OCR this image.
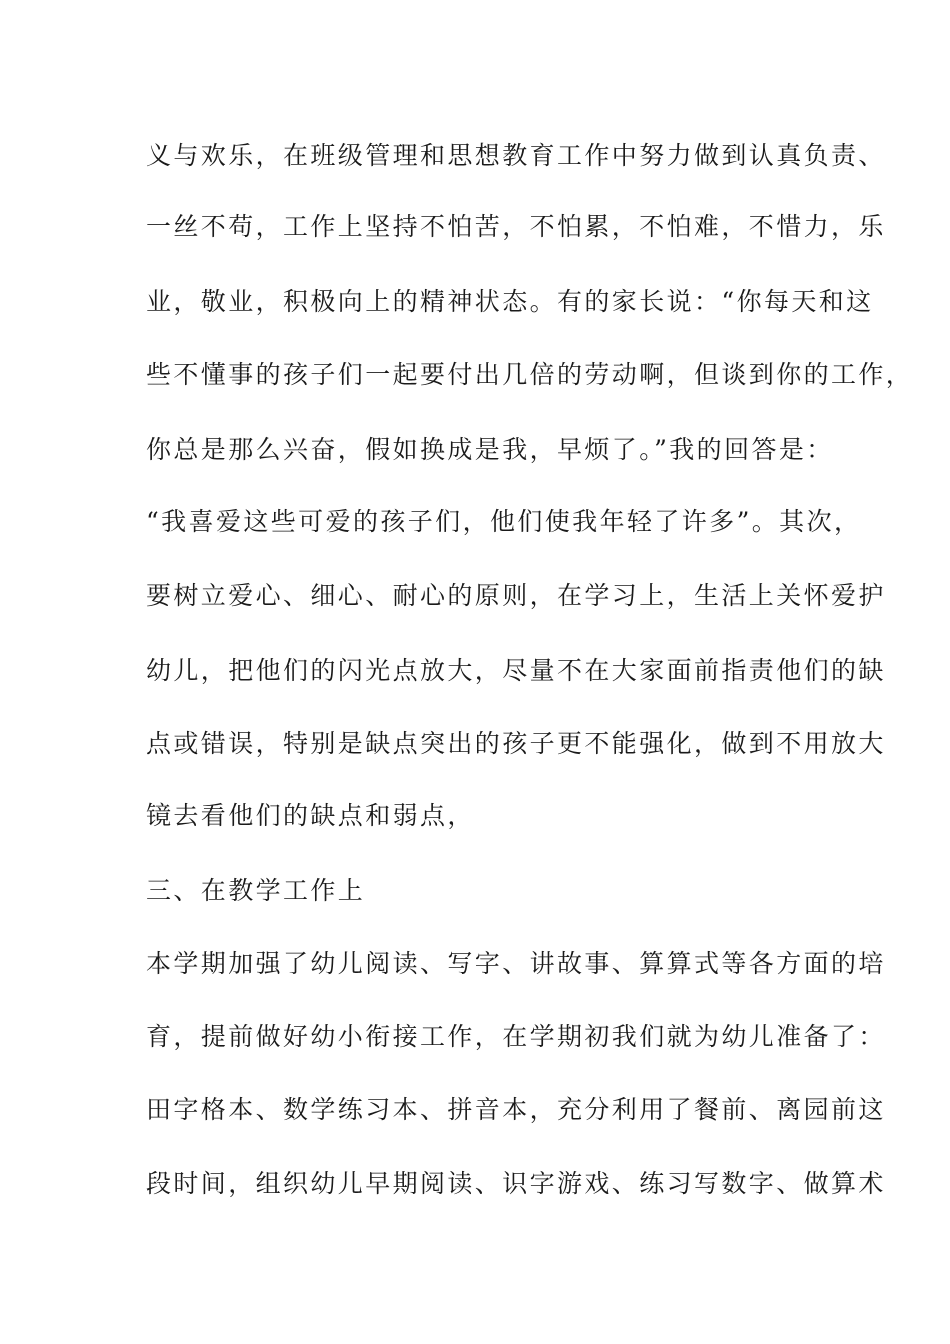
义与欢乐，在班级管理和思想教育工作中努力做到认真负责、
一丝不苟，工作上坚持不怕苦，不怕累，不怕难，不惜力，乐
业，敬业，积极向上的精神状态。有的家长说：“你每天和这
些不懂事的孩子们一起要付出几倍的劳动啊，但谈到你的工作，
你总是那么兴奋，假如换成是我，早烦了。”我的回答是：
“我喜爱这些可爱的孩子们，他们使我年轻了许多”。其次，
要树立爱心、细心、耐心的原则，在学习上，生活上关怀爱护
幼儿，把他们的闪光点放大，尽量不在大家面前指责他们的缺
点或错误，特别是缺点突出的孩子更不能强化，做到不用放大
镜去看他们的缺点和弱点，
三、在教学工作上
本学期加强了幼儿阅读、写字、讲故事、算算式等各方面的培
育，提前做好幼小衔接工作，在学期初我们就为幼儿准备了：
田字格本、数学练习本、拼音本，充分利用了餐前、离园前这
段时间，组织幼儿早期阅读、识字游戏、练习写数字、做算术
